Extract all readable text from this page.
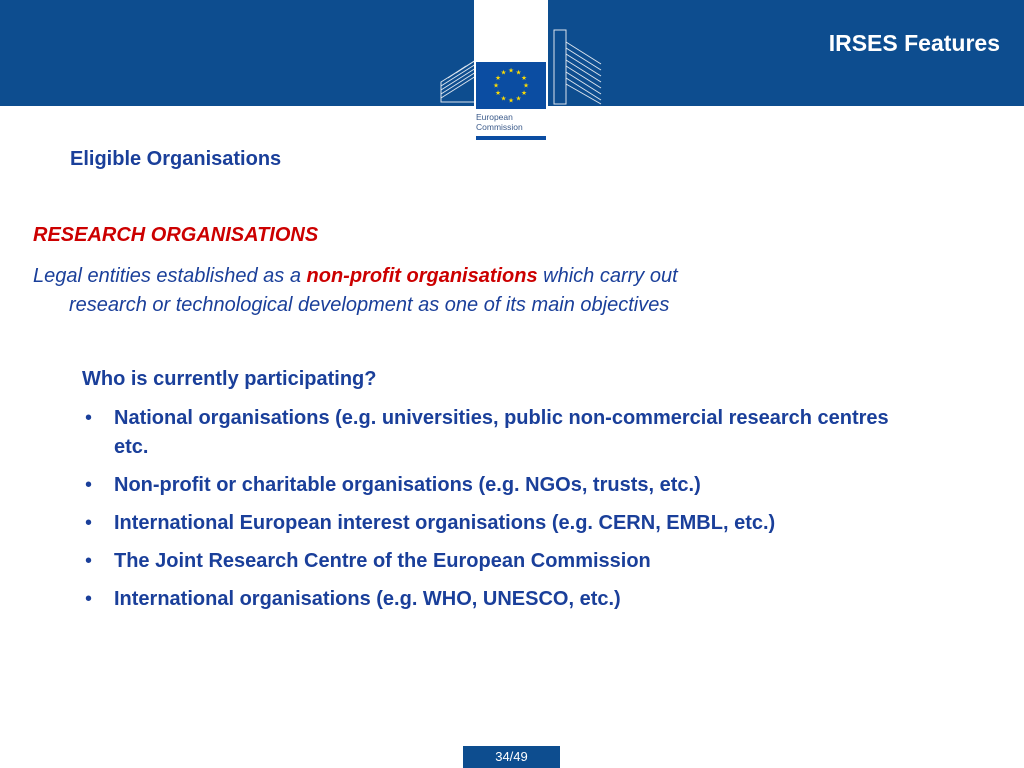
★ ★
★
★
★
★
★
★
★
★
★
★
European
Commission
IRSES Features
Eligible Organisations
RESEARCH ORGANISATIONS
Legal entities established as a non-profit organisations which carry out
research or technological development as one of its main objectives
Who is currently participating?
• National organisations (e.g. universities, public non-commercial research centres etc.
• Non-profit or charitable organisations (e.g. NGOs, trusts, etc.)
• International European interest organisations (e.g. CERN, EMBL, etc.)
• The Joint Research Centre of the European Commission
• International organisations (e.g. WHO, UNESCO, etc.)
34/49
